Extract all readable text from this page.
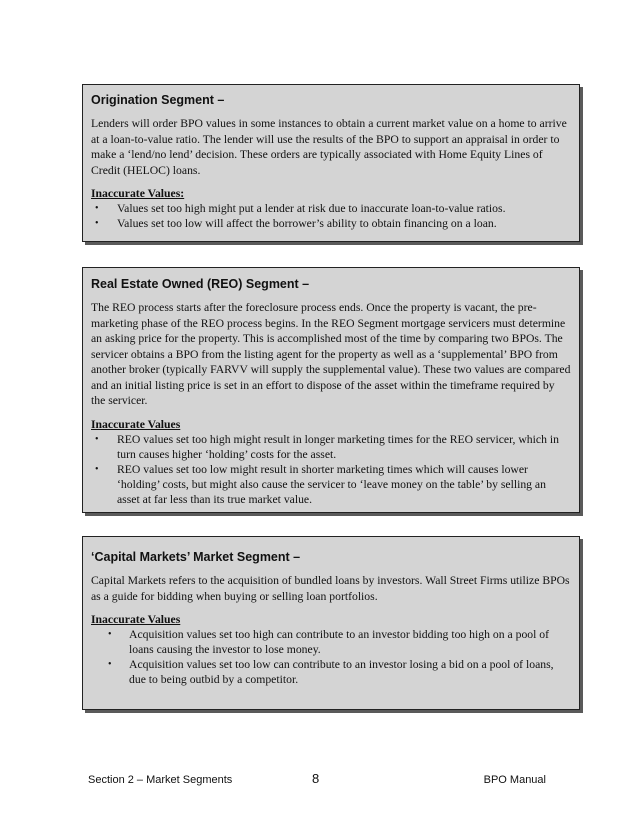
Origination Segment –

Lenders will order BPO values in some instances to obtain a current market value on a home to arrive at a loan-to-value ratio. The lender will use the results of the BPO to support an appraisal in order to make a ‘lend/no lend’ decision. These orders are typically associated with Home Equity Lines of Credit (HELOC) loans.

Inaccurate Values:

• Values set too high might put a lender at risk due to inaccurate loan-to-value ratios.
• Values set too low will affect the borrower’s ability to obtain financing on a loan.

Real Estate Owned (REO) Segment –

The REO process starts after the foreclosure process ends. Once the property is vacant, the pre-marketing phase of the REO process begins. In the REO Segment mortgage servicers must determine an asking price for the property. This is accomplished most of the time by comparing two BPOs. The servicer obtains a BPO from the listing agent for the property as well as a ‘supplemental’ BPO from another broker (typically FARVV will supply the supplemental value). These two values are compared and an initial listing price is set in an effort to dispose of the asset within the timeframe required by the servicer.

Inaccurate Values

• REO values set too high might result in longer marketing times for the REO servicer, which in turn causes higher ‘holding’ costs for the asset.
• REO values set too low might result in shorter marketing times which will causes lower ‘holding’ costs, but might also cause the servicer to ‘leave money on the table’ by selling an asset at far less than its true market value.

‘Capital Markets’ Market Segment –

Capital Markets refers to the acquisition of bundled loans by investors. Wall Street Firms utilize BPOs as a guide for bidding when buying or selling loan portfolios.

Inaccurate Values

• Acquisition values set too high can contribute to an investor bidding too high on a pool of loans causing the investor to lose money.
• Acquisition values set too low can contribute to an investor losing a bid on a pool of loans, due to being outbid by a competitor.
Section 2 – Market Segments	8	BPO Manual
